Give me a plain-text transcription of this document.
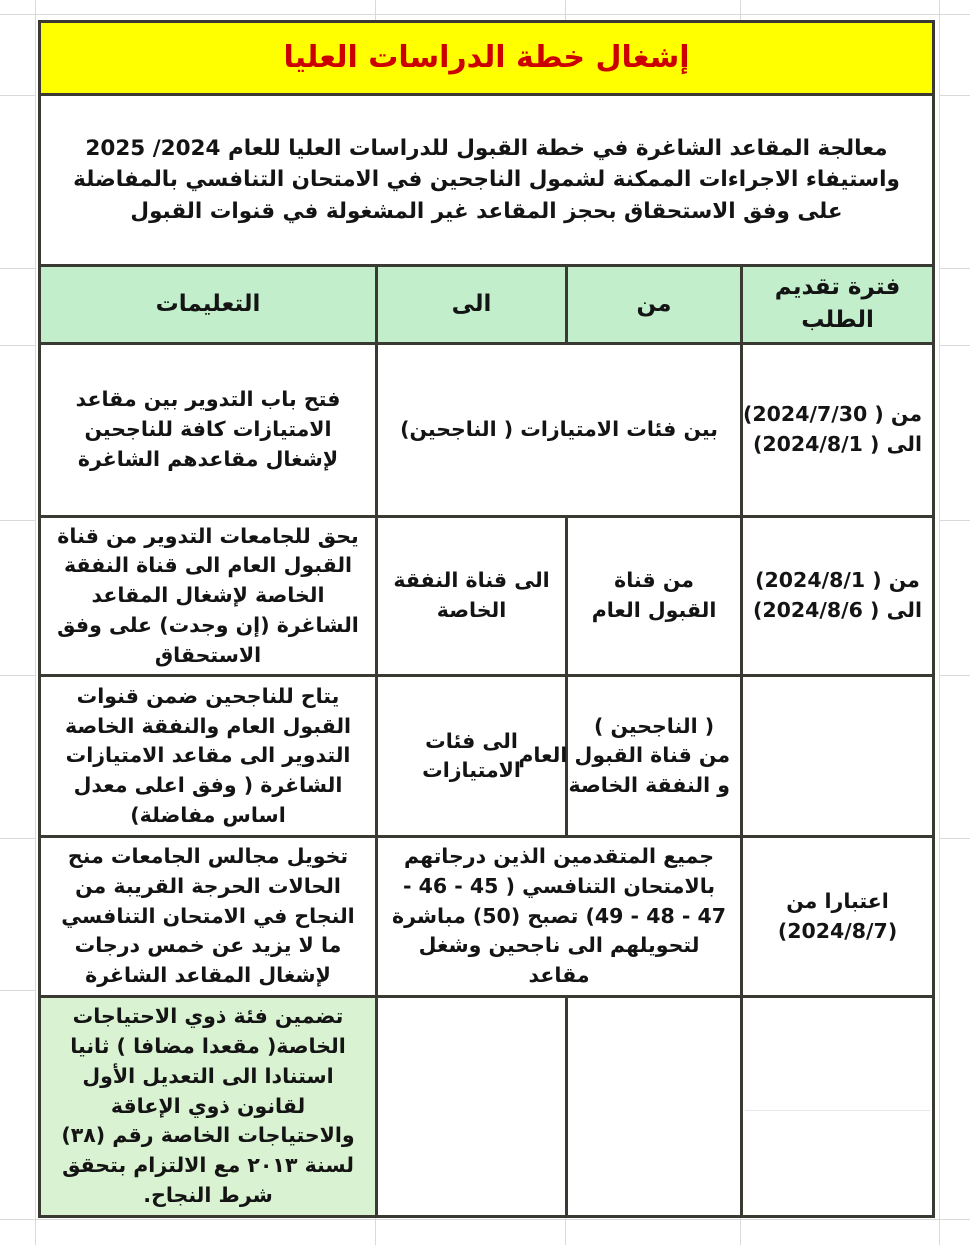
إشغال خطة الدراسات العليا			
معالجة المقاعد الشاغرة في خطة القبول للدراسات العليا للعام 2024/ 2025 واستيفاء الاجراءات الممكنة لشمول الناجحين في الامتحان التنافسي بالمفاضلة على وفق الاستحقاق بحجز المقاعد غير المشغولة في قنوات القبول			
فترة تقديم الطلب	من	الى	التعليمات

من ( 2024/7/30)
الى ( 2024/8/1)	بين فئات الامتيازات ( الناجحين)		فتح باب التدوير بين مقاعد الامتيازات كافة للناجحين لإشغال مقاعدهم الشاغرة

من ( 2024/8/1)
الى ( 2024/8/6)	من قناة القبول العام	الى قناة النفقة الخاصة	يحق للجامعات التدوير من قناة القبول العام الى قناة النفقة الخاصة لإشغال المقاعد الشاغرة (إن وجدت) على وفق الاستحقاق

	( الناجحين )
من قناة القبول العام
و النفقة الخاصة	الى فئات الامتيازات	يتاح للناجحين ضمن قنوات القبول العام والنفقة الخاصة التدوير الى مقاعد الامتيازات الشاغرة ( وفق اعلى معدل اساس مفاضلة)

اعتبارا من
(2024/8/7)	جميع المتقدمين الذين درجاتهم بالامتحان التنافسي ( 45 - 46 - 47 - 48 - 49) تصبح (50) مباشرة لتحويلهم الى ناجحين وشغل مقاعد		تخويل مجالس الجامعات منح الحالات الحرجة القريبة من النجاح في الامتحان التنافسي ما لا يزيد عن خمس درجات لإشغال المقاعد الشاغرة
			تضمين فئة ذوي الاحتياجات الخاصة( مقعدا مضافا ) ثانيا استنادا الى التعديل الأول لقانون ذوي الإعاقة والاحتياجات الخاصة رقم (٣٨) لسنة ٢٠١٣ مع الالتزام بتحقق شرط النجاح.
